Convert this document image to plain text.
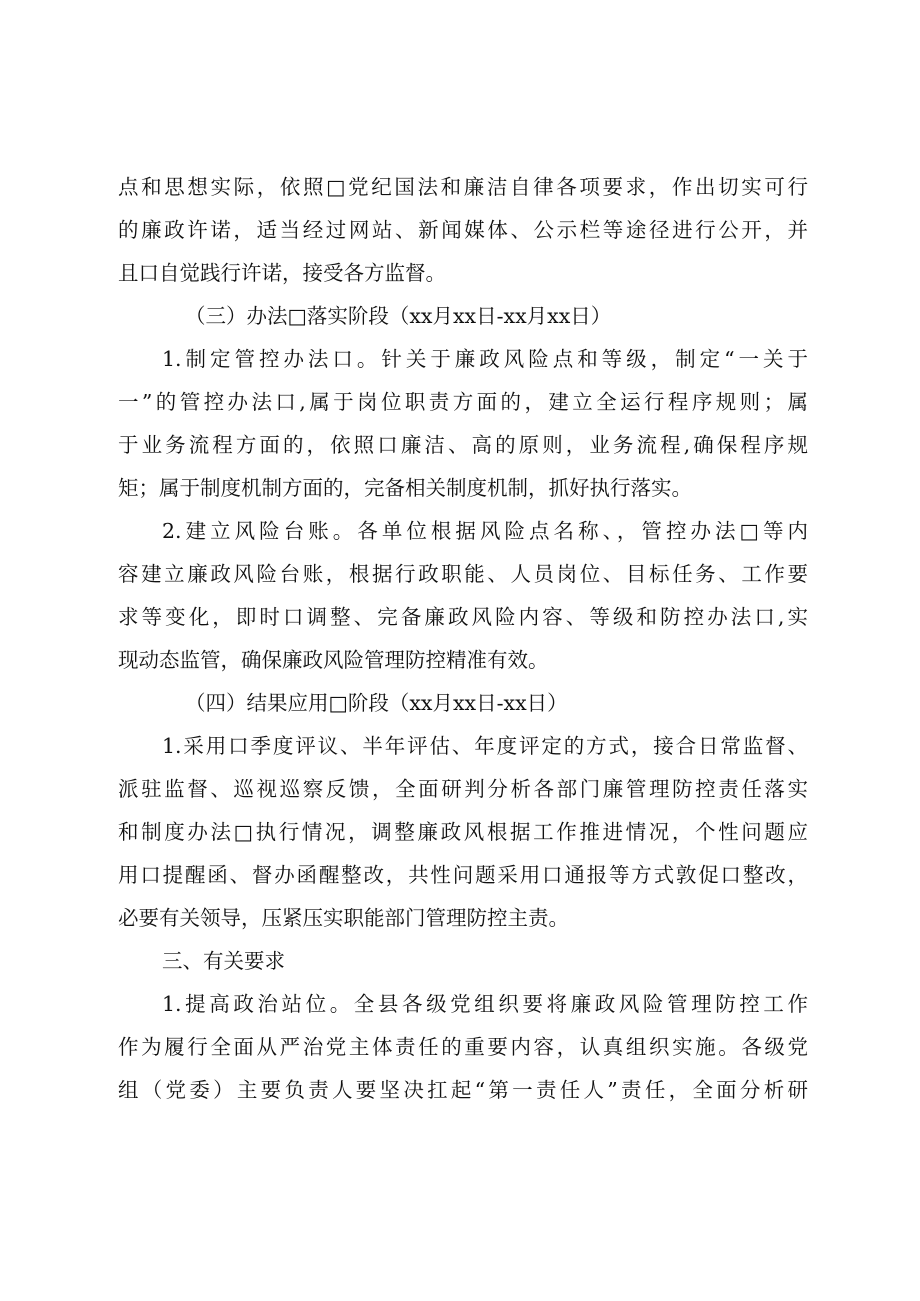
点和思想实际，依照□党纪国法和廉洁自律各项要求，作出切实可行
的廉政许诺，适当经过网站、新闻媒体、公示栏等途径进行公开，并
且口自觉践行许诺，接受各方监督。
（三）办法□落实阶段（xx月xx日-xx月xx日）
1.制定管控办法口。针关于廉政风险点和等级，制定“一关于
一”的管控办法口,属于岗位职责方面的，建立全运行程序规则；属
于业务流程方面的，依照口廉洁、高的原则，业务流程,确保程序规
矩；属于制度机制方面的，完备相关制度机制，抓好执行落实。
2.建立风险台账。各单位根据风险点名称、，管控办法□等内
容建立廉政风险台账，根据行政职能、人员岗位、目标任务、工作要
求等变化，即时口调整、完备廉政风险内容、等级和防控办法口,实
现动态监管，确保廉政风险管理防控精准有效。
（四）结果应用□阶段（xx月xx日-xx日）
1.采用口季度评议、半年评估、年度评定的方式，接合日常监督、
派驻监督、巡视巡察反馈，全面研判分析各部门廉管理防控责任落实
和制度办法□执行情况，调整廉政风根据工作推进情况，个性问题应
用口提醒函、督办函醒整改，共性问题采用口通报等方式敦促口整改，
必要有关领导，压紧压实职能部门管理防控主责。
三、有关要求
1.提高政治站位。全县各级党组织要将廉政风险管理防控工作
作为履行全面从严治党主体责任的重要内容，认真组织实施。各级党
组（党委）主要负责人要坚决扛起“第一责任人”责任，全面分析研
